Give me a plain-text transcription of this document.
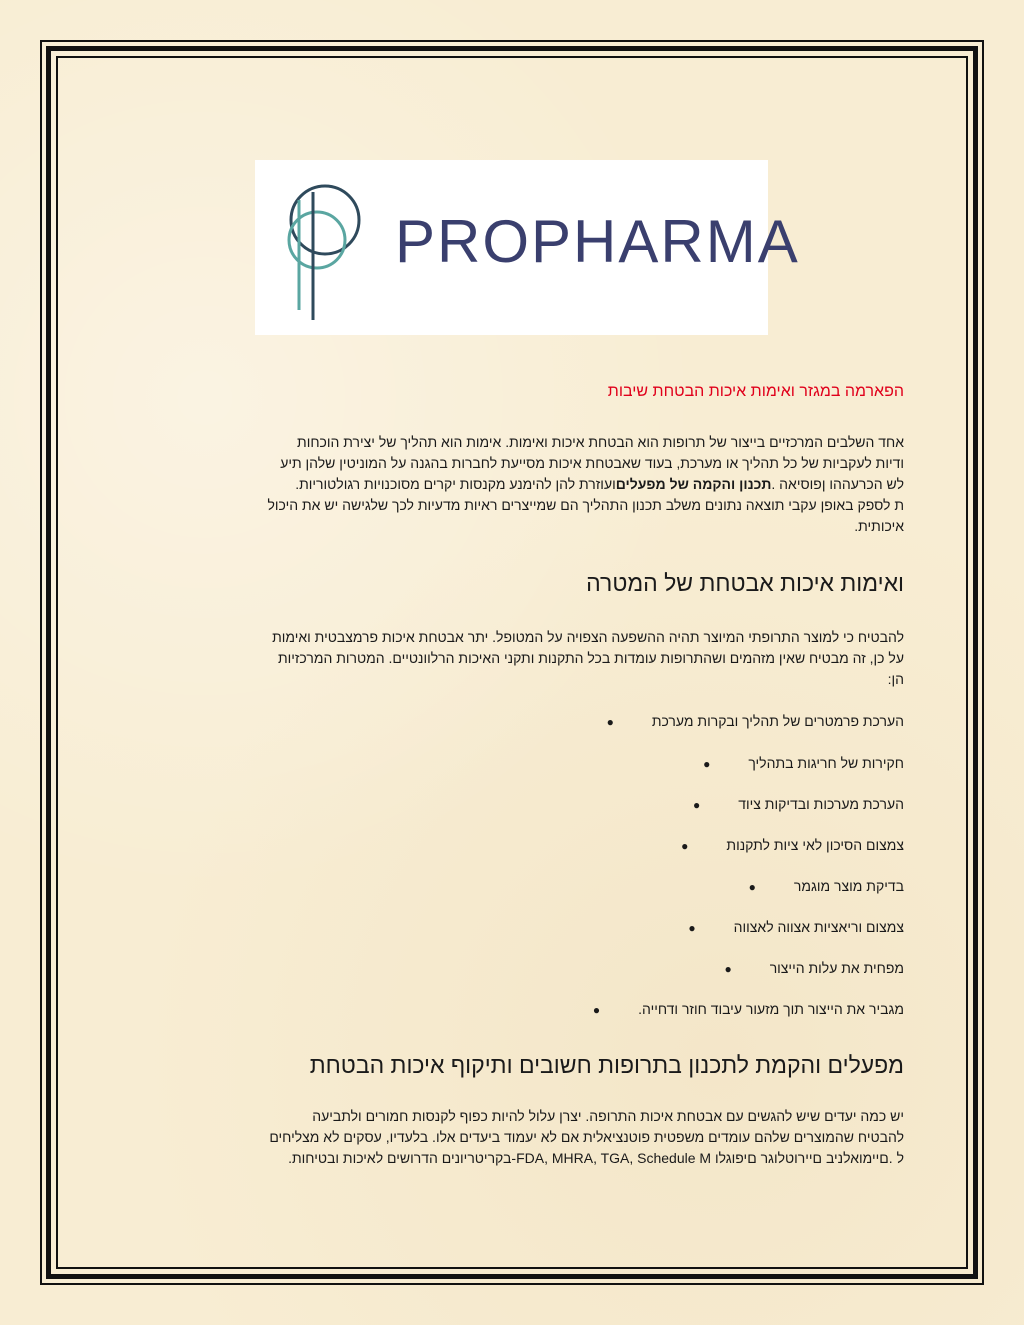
PROPHARMA
הפארמה במגזר ואימות איכות הבטחת שיבות
אחד השלבים המרכזיים בייצור של תרופות הוא הבטחת איכות ואימות. אימות הוא תהליך של יצירת הוכחות
ודיות לעקביות של כל תהליך או מערכת, בעוד שאבטחת איכות מסייעת לחברות בהגנה על המוניטין שלהן תיע
לש הכרעההו ןפוסיאה .תכנון והקמה של מפעליםועוזרת להן להימנע מקנסות יקרים מסוכנויות רגולטוריות.
ת לספק באופן עקבי תוצאה נתונים משלב תכנון התהליך הם שמייצרים ראיות מדעיות לכך שלגישה יש את היכול
איכותית.
ואימות איכות אבטחת של המטרה
להבטיח כי למוצר התרופתי המיוצר תהיה ההשפעה הצפויה על המטופל. יתר אבטחת איכות פרמצבטית ואימות
על כן, זה מבטיח שאין מזהמים ושהתרופות עומדות בכל התקנות ותקני האיכות הרלוונטיים. המטרות המרכזיות
הן:
הערכת פרמטרים של תהליך ובקרות מערכת●
חקירות של חריגות בתהליך●
הערכת מערכות ובדיקות ציוד●
צמצום הסיכון לאי ציות לתקנות●
בדיקת מוצר מוגמר●
צמצום וריאציות אצווה לאצווה●
מפחית את עלות הייצור●
מגביר את הייצור תוך מזעור עיבוד חוזר ודחייה.●
מפעלים והקמת לתכנון בתרופות חשובים ותיקוף איכות הבטחת
יש כמה יעדים שיש להגשים עם אבטחת איכות התרופה. יצרן עלול להיות כפוף לקנסות חמורים ולתביעה
להבטיח שהמוצרים שלהם עומדים משפטית פוטנציאלית אם לא יעמוד ביעדים אלו. בלעדיו, עסקים לא מצליחים
ל .םיימואלניב םיירוטלוגר םיפוגלו FDA, MHRA, TGA, Schedule M-בקריטריונים הדרושים לאיכות ובטיחות.
